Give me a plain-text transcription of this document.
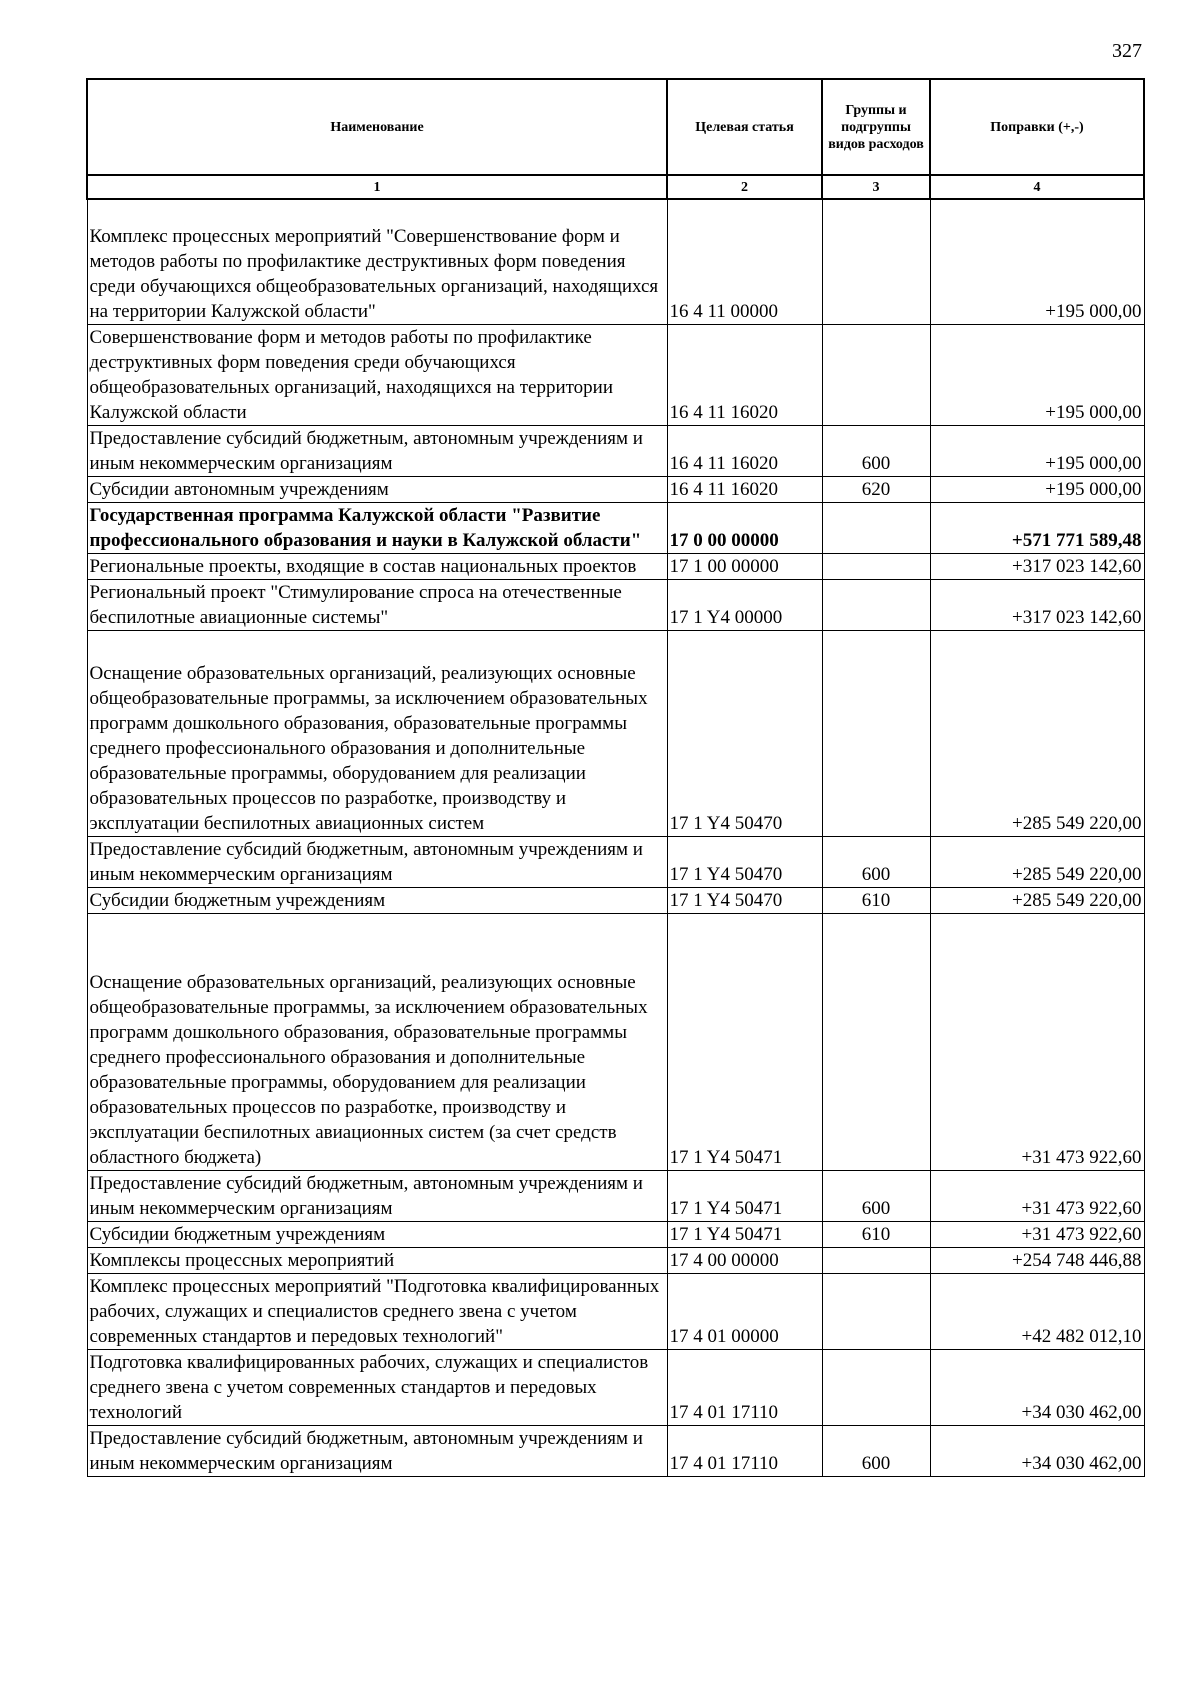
327
Наименование	Целевая статья	Группы и подгруппы видов расходов	Поправки (+,-)
1	2	3	4
Комплекс процессных мероприятий "Совершенствование форм и методов работы по профилактике деструктивных форм поведения среди обучающихся общеобразовательных организаций, находящихся на территории Калужской области"	16 4 11 00000		+195 000,00
Совершенствование форм и методов работы по профилактике деструктивных форм поведения среди обучающихся общеобразовательных организаций, находящихся на территории Калужской области	16 4 11 16020		+195 000,00
Предоставление субсидий бюджетным, автономным учреждениям и иным некоммерческим организациям	16 4 11 16020	600	+195 000,00
Субсидии автономным учреждениям	16 4 11 16020	620	+195 000,00
Государственная программа Калужской области "Развитие профессионального образования и науки в Калужской области"	17 0 00 00000		+571 771 589,48
Региональные проекты, входящие в состав национальных проектов	17 1 00 00000		+317 023 142,60
Региональный проект "Стимулирование спроса на отечественные беспилотные авиационные системы"	17 1 Y4 00000		+317 023 142,60
Оснащение образовательных организаций, реализующих основные общеобразовательные программы, за исключением образовательных программ дошкольного образования, образовательные программы среднего профессионального образования и дополнительные образовательные программы, оборудованием для реализации образовательных процессов по разработке, производству и эксплуатации беспилотных авиационных систем	17 1 Y4 50470		+285 549 220,00
Предоставление субсидий бюджетным, автономным учреждениям и иным некоммерческим организациям	17 1 Y4 50470	600	+285 549 220,00
Субсидии бюджетным учреждениям	17 1 Y4 50470	610	+285 549 220,00
Оснащение образовательных организаций, реализующих основные общеобразовательные программы, за исключением образовательных программ дошкольного образования, образовательные программы среднего профессионального образования и дополнительные образовательные программы, оборудованием для реализации образовательных процессов по разработке, производству и эксплуатации беспилотных авиационных систем (за счет средств областного бюджета)	17 1 Y4 50471		+31 473 922,60
Предоставление субсидий бюджетным, автономным учреждениям и иным некоммерческим организациям	17 1 Y4 50471	600	+31 473 922,60
Субсидии бюджетным учреждениям	17 1 Y4 50471	610	+31 473 922,60
Комплексы процессных мероприятий	17 4 00 00000		+254 748 446,88
Комплекс процессных мероприятий "Подготовка квалифицированных рабочих, служащих и специалистов среднего звена с учетом современных стандартов и передовых технологий"	17 4 01 00000		+42 482 012,10
Подготовка квалифицированных рабочих, служащих и специалистов среднего звена с учетом современных стандартов и передовых технологий	17 4 01 17110		+34 030 462,00
Предоставление субсидий бюджетным, автономным учреждениям и иным некоммерческим организациям	17 4 01 17110	600	+34 030 462,00
